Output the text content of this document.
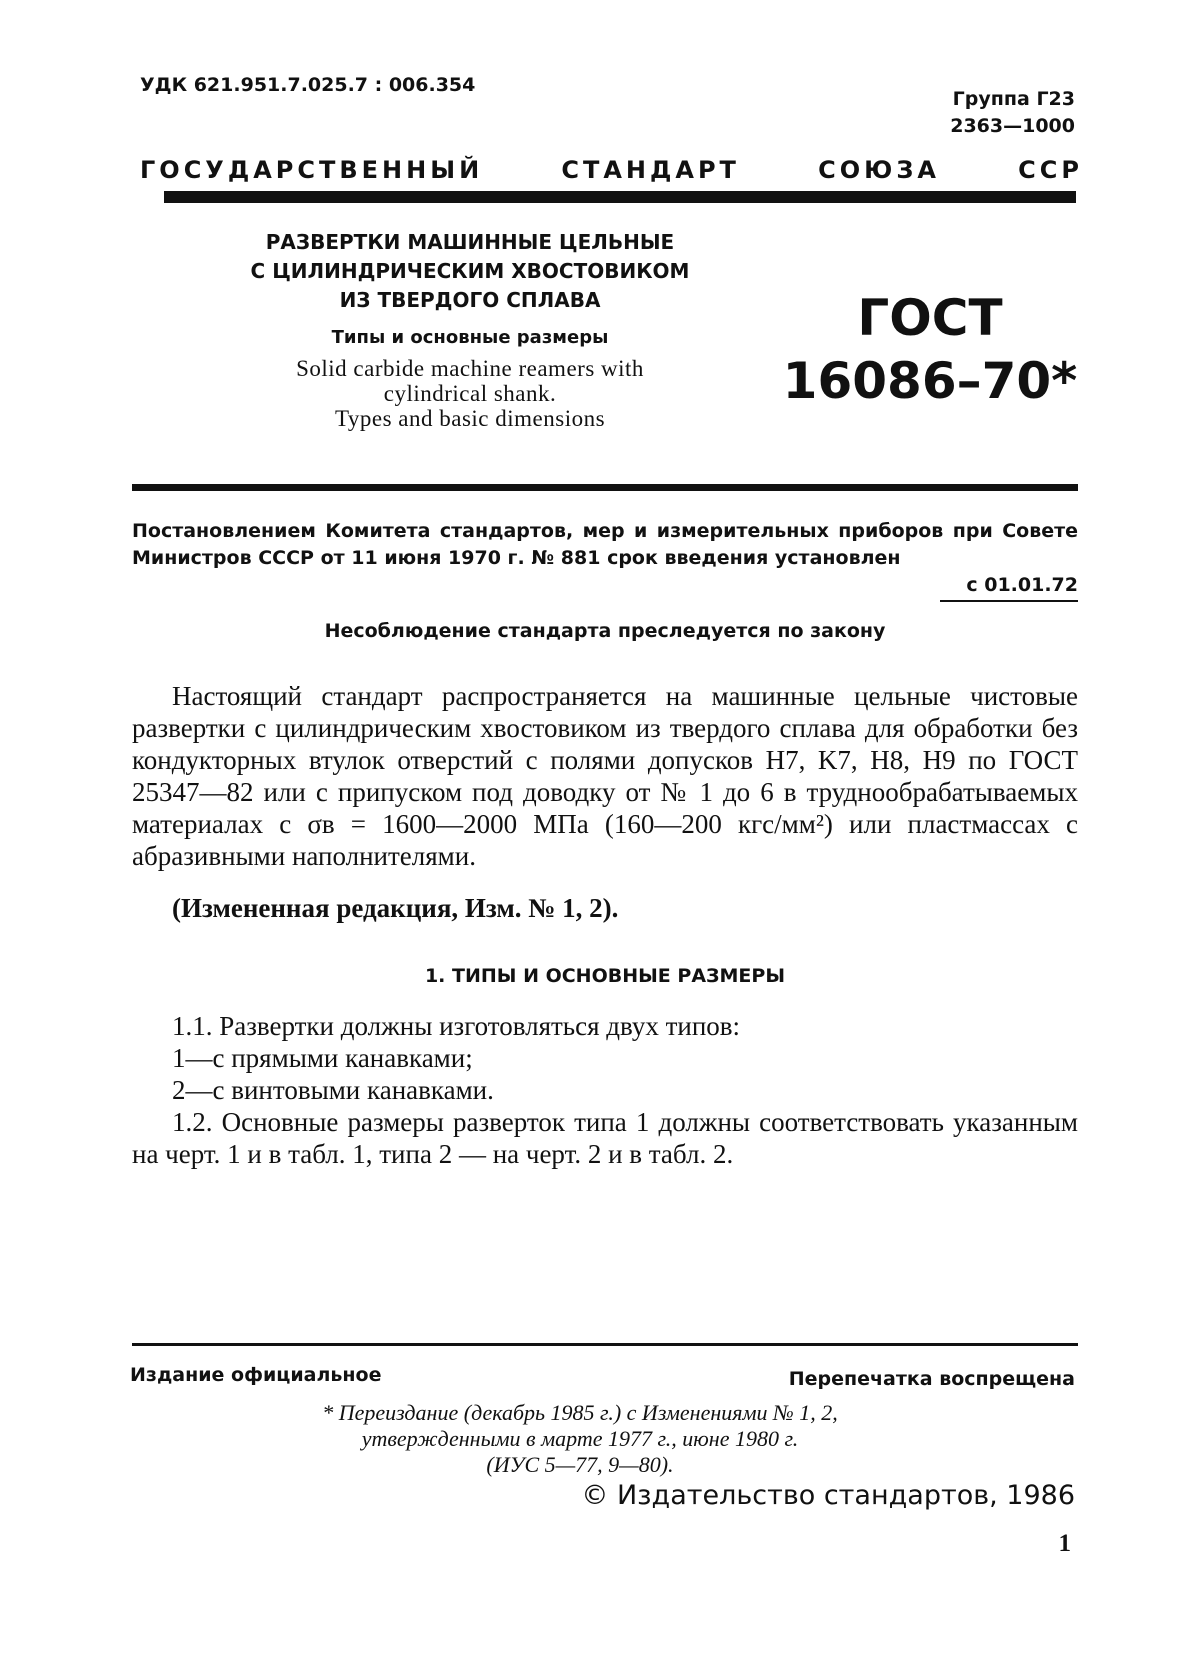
УДК 621.951.7.025.7 : 006.354
Группа Г23
2363—1000
ГОСУДАРСТВЕННЫЙ	СТАНДАРТ	СОЮЗА	ССР
РАЗВЕРТКИ МАШИННЫЕ ЦЕЛЬНЫЕ
С ЦИЛИНДРИЧЕСКИМ ХВОСТОВИКОМ
ИЗ ТВЕРДОГО СПЛАВА
Типы и основные размеры
Solid carbide machine reamers with
cylindrical shank.
Types and basic dimensions
ГОСТ
16086–70*
Постановлением Комитета стандартов, мер и измерительных приборов при Совете Министров СССР от 11 июня 1970 г. № 881 срок введения установлен
с 01.01.72
Несоблюдение стандарта преследуется по закону
Настоящий стандарт распространяется на машинные цельные чистовые развертки с цилиндрическим хвостовиком из твердого сплава для обработки без кондукторных втулок отверстий с полями допусков H7, K7, H8, H9 по ГОСТ 25347—82 или с припуском под доводку от № 1 до 6 в труднообрабатываемых материалах с σв = 1600—2000 МПа (160—200 кгс/мм²) или пластмассах с абразивными наполнителями.
(Измененная редакция, Изм. № 1, 2).
1. ТИПЫ И ОСНОВНЫЕ РАЗМЕРЫ
1.1. Развертки должны изготовляться двух типов:
1—с прямыми канавками;
2—с винтовыми канавками.
1.2. Основные размеры разверток типа 1 должны соответствовать указанным на черт. 1 и в табл. 1, типа 2 — на черт. 2 и в табл. 2.
Издание официальное	Перепечатка воспрещена
* Переиздание (декабрь 1985 г.) с Изменениями № 1, 2,
утвержденными в марте 1977 г., июне 1980 г.
(ИУС 5—77, 9—80).
© Издательство стандартов, 1986
1
